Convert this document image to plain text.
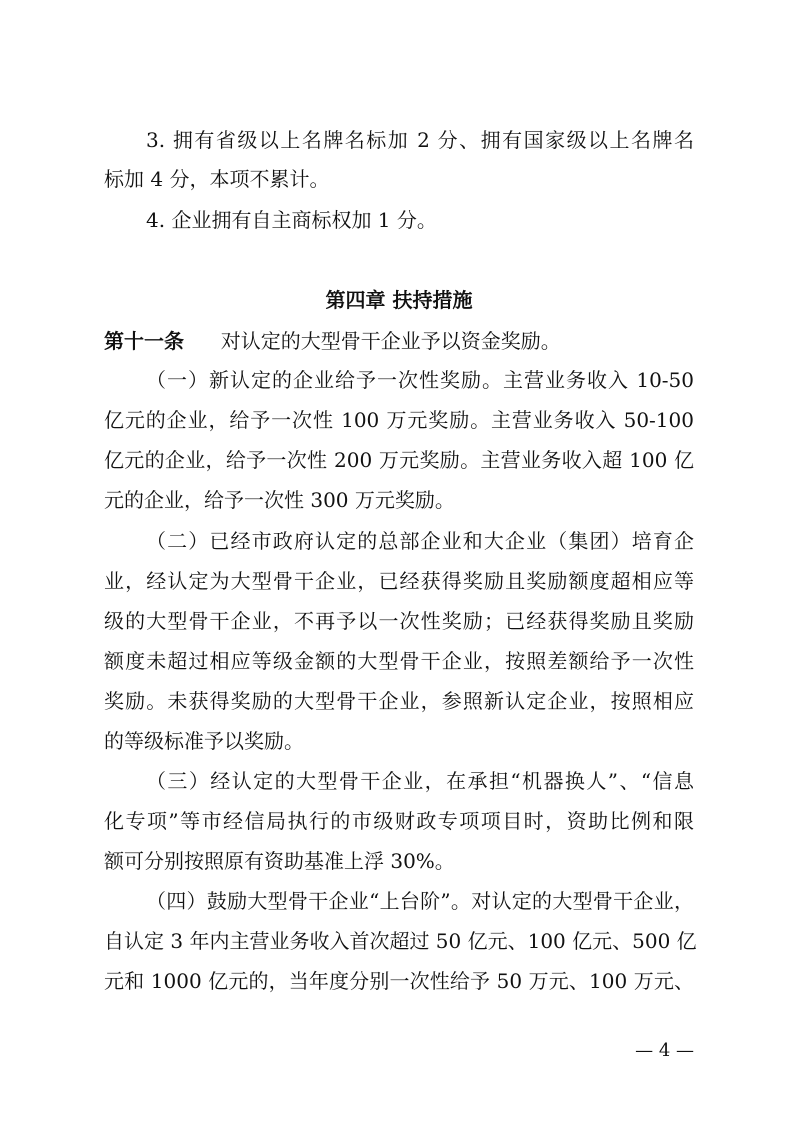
3. 拥有省级以上名牌名标加 2 分、拥有国家级以上名牌名
标加 4 分，本项不累计。
4. 企业拥有自主商标权加 1 分。
第四章 扶持措施
第十一条 对认定的大型骨干企业予以资金奖励。
（一）新认定的企业给予一次性奖励。主营业务收入 10-50
亿元的企业，给予一次性 100 万元奖励。主营业务收入 50-100
亿元的企业，给予一次性 200 万元奖励。主营业务收入超 100 亿
元的企业，给予一次性 300 万元奖励。
（二）已经市政府认定的总部企业和大企业（集团）培育企
业，经认定为大型骨干企业，已经获得奖励且奖励额度超相应等
级的大型骨干企业，不再予以一次性奖励；已经获得奖励且奖励
额度未超过相应等级金额的大型骨干企业，按照差额给予一次性
奖励。未获得奖励的大型骨干企业，参照新认定企业，按照相应
的等级标准予以奖励。
（三）经认定的大型骨干企业，在承担“机器换人”、“信息
化专项”等市经信局执行的市级财政专项项目时，资助比例和限
额可分别按照原有资助基准上浮 30%。
（四）鼓励大型骨干企业“上台阶”。对认定的大型骨干企业，
自认定 3 年内主营业务收入首次超过 50 亿元、100 亿元、500 亿
元和 1000 亿元的，当年度分别一次性给予 50 万元、100 万元、
— 4 —
